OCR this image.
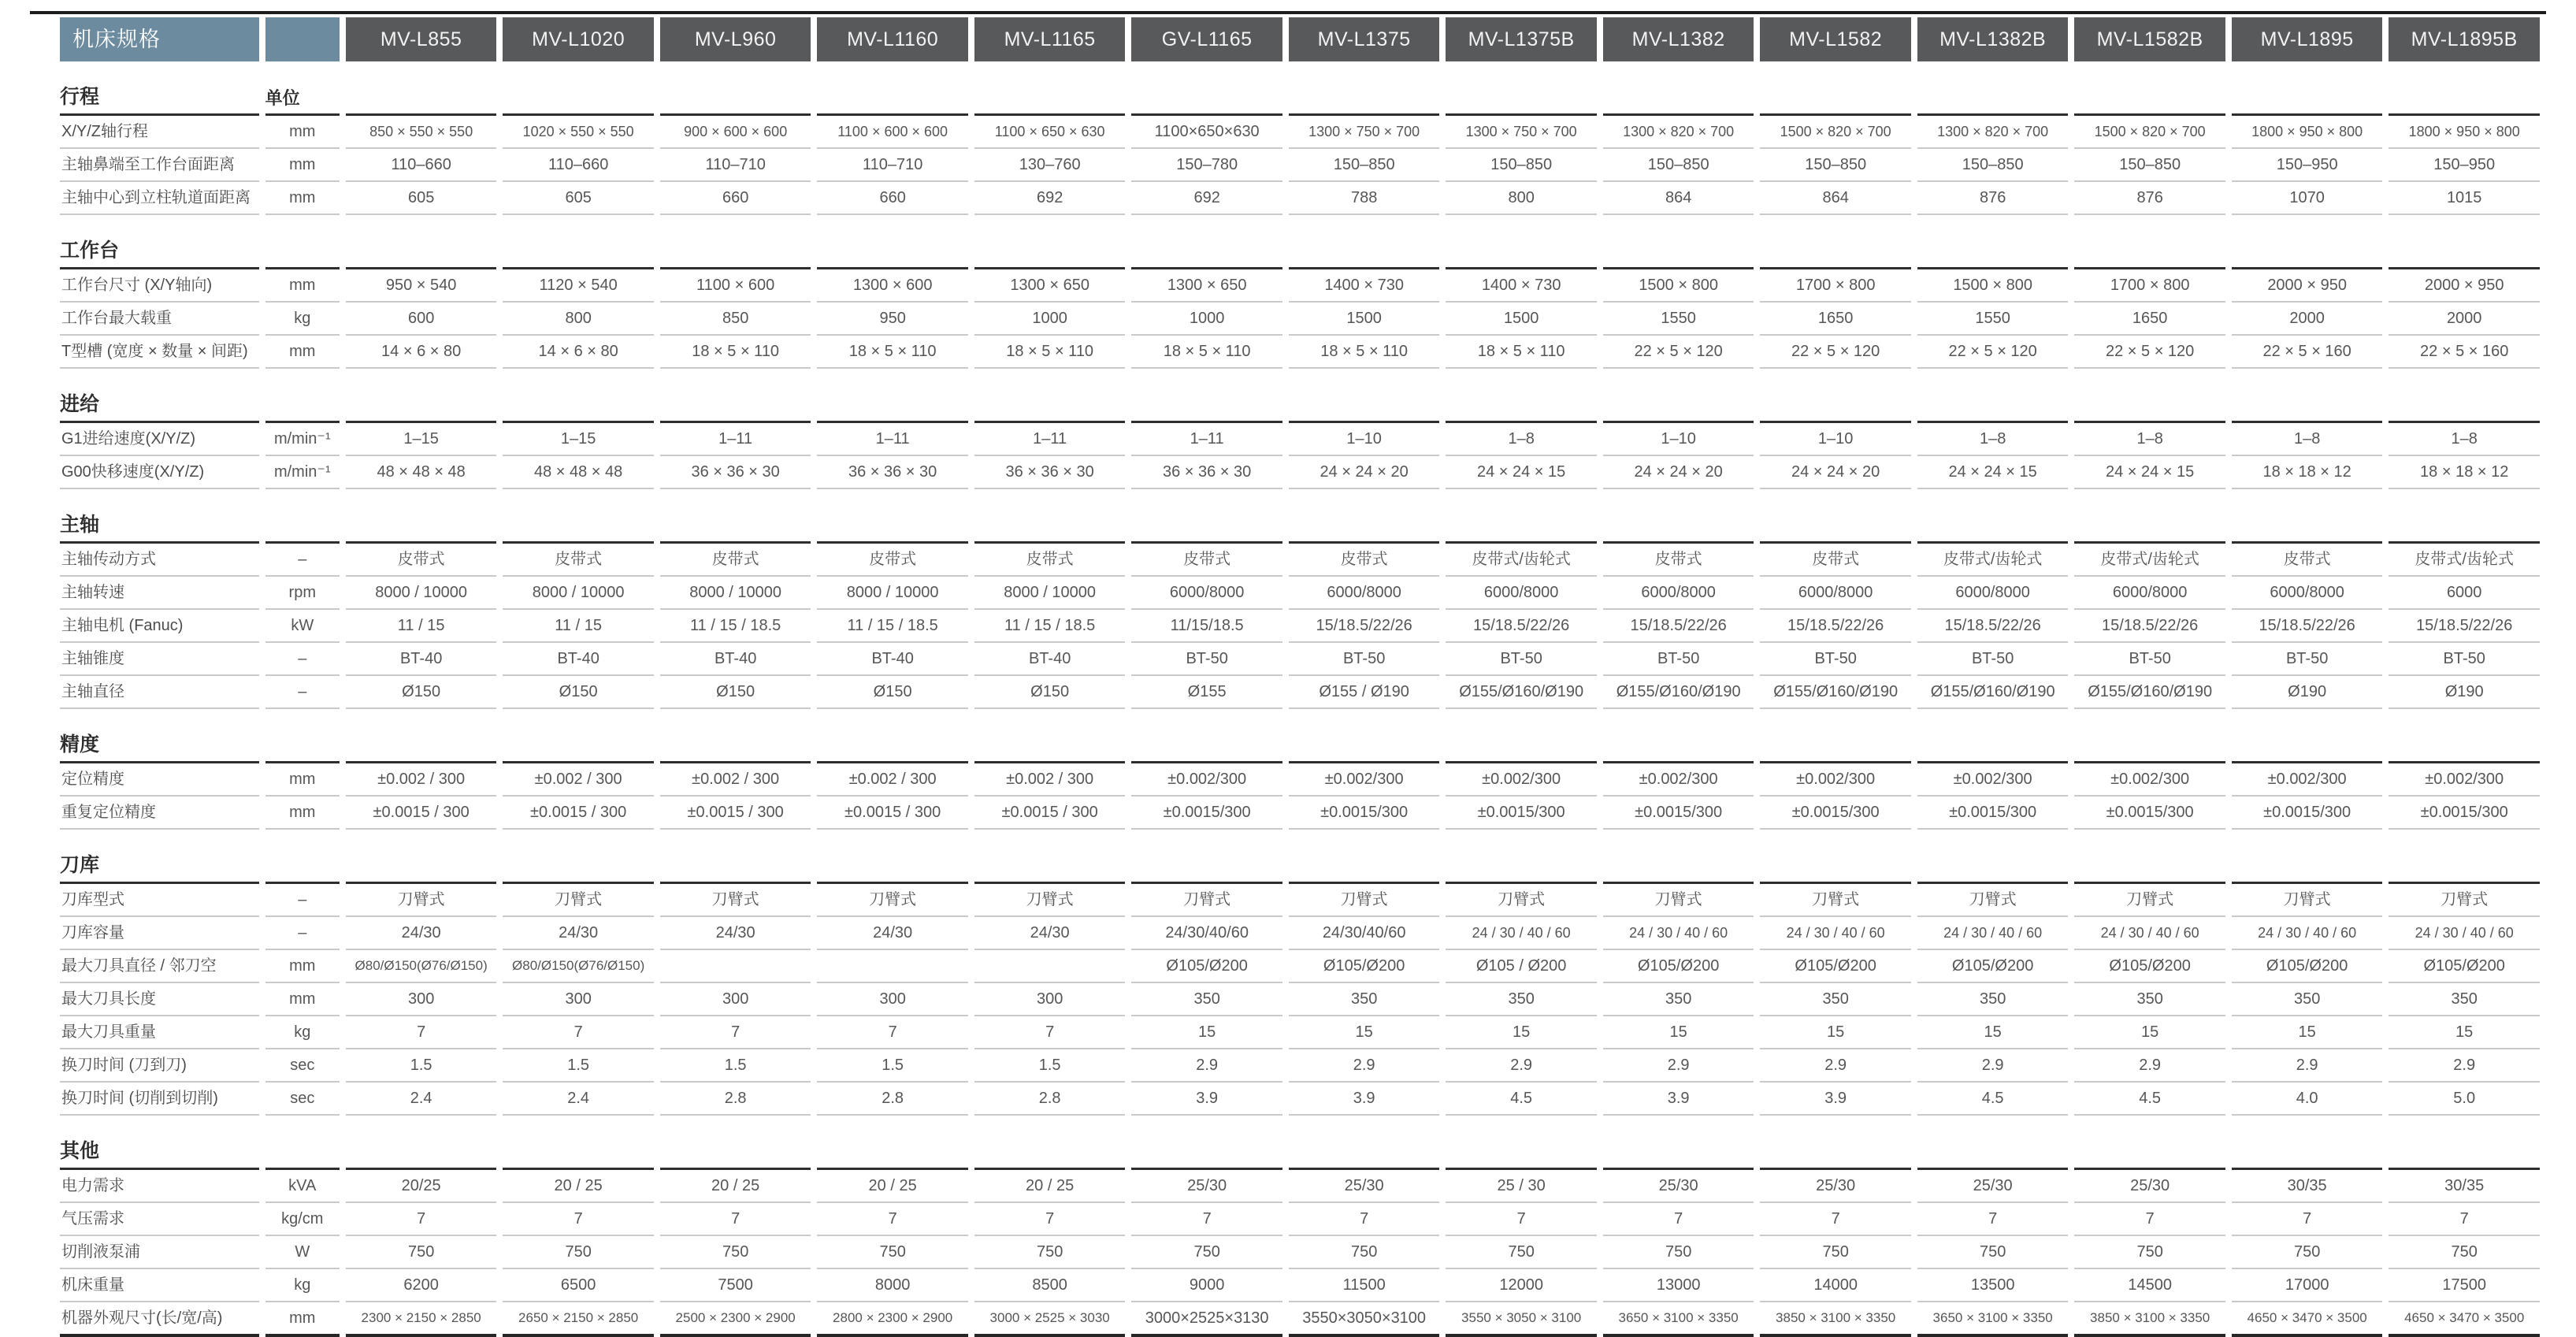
机床规格		MV-L855	MV-L1020	MV-L960	MV-L1160	MV-L1165	GV-L1165	MV-L1375	MV-L1375B	MV-L1382	MV-L1582	MV-L1382B	MV-L1582B	MV-L1895	MV-L1895B
行程	单位														
X/Y/Z轴行程	mm	850 × 550 × 550	1020 × 550 × 550	900 × 600 × 600	1100 × 600 × 600	1100 × 650 × 630	1100×650×630	1300 × 750 × 700	1300 × 750 × 700	1300 × 820 × 700	1500 × 820 × 700	1300 × 820 × 700	1500 × 820 × 700	1800 × 950 × 800	1800 × 950 × 800
主轴鼻端至工作台面距离	mm	110–660	110–660	110–710	110–710	130–760	150–780	150–850	150–850	150–850	150–850	150–850	150–850	150–950	150–950
主轴中心到立柱轨道面距离	mm	605	605	660	660	692	692	788	800	864	864	876	876	1070	1015
工作台															
工作台尺寸 (X/Y轴向)	mm	950 × 540	1120 × 540	1100 × 600	1300 × 600	1300 × 650	1300 × 650	1400 × 730	1400 × 730	1500 × 800	1700 × 800	1500 × 800	1700 × 800	2000 × 950	2000 × 950
工作台最大载重	kg	600	800	850	950	1000	1000	1500	1500	1550	1650	1550	1650	2000	2000
T型槽 (宽度 × 数量 × 间距)	mm	14 × 6 × 80	14 × 6 × 80	18 × 5 × 110	18 × 5 × 110	18 × 5 × 110	18 × 5 × 110	18 × 5 × 110	18 × 5 × 110	22 × 5 × 120	22 × 5 × 120	22 × 5 × 120	22 × 5 × 120	22 × 5 × 160	22 × 5 × 160
进给															
G1进给速度(X/Y/Z)	m/min⁻¹	1–15	1–15	1–11	1–11	1–11	1–11	1–10	1–8	1–10	1–10	1–8	1–8	1–8	1–8
G00快移速度(X/Y/Z)	m/min⁻¹	48 × 48 × 48	48 × 48 × 48	36 × 36 × 30	36 × 36 × 30	36 × 36 × 30	36 × 36 × 30	24 × 24 × 20	24 × 24 × 15	24 × 24 × 20	24 × 24 × 20	24 × 24 × 15	24 × 24 × 15	18 × 18 × 12	18 × 18 × 12
主轴															
主轴传动方式	–	皮带式	皮带式	皮带式	皮带式	皮带式	皮带式	皮带式	皮带式/齿轮式	皮带式	皮带式	皮带式/齿轮式	皮带式/齿轮式	皮带式	皮带式/齿轮式
主轴转速	rpm	8000 / 10000	8000 / 10000	8000 / 10000	8000 / 10000	8000 / 10000	6000/8000	6000/8000	6000/8000	6000/8000	6000/8000	6000/8000	6000/8000	6000/8000	6000
主轴电机 (Fanuc)	kW	11 / 15	11 / 15	11 / 15 / 18.5	11 / 15 / 18.5	11 / 15 / 18.5	11/15/18.5	15/18.5/22/26	15/18.5/22/26	15/18.5/22/26	15/18.5/22/26	15/18.5/22/26	15/18.5/22/26	15/18.5/22/26	15/18.5/22/26
主轴锥度	–	BT-40	BT-40	BT-40	BT-40	BT-40	BT-50	BT-50	BT-50	BT-50	BT-50	BT-50	BT-50	BT-50	BT-50
主轴直径	–	Ø150	Ø150	Ø150	Ø150	Ø150	Ø155	Ø155 / Ø190	Ø155/Ø160/Ø190	Ø155/Ø160/Ø190	Ø155/Ø160/Ø190	Ø155/Ø160/Ø190	Ø155/Ø160/Ø190	Ø190	Ø190
精度															
定位精度	mm	±0.002 / 300	±0.002 / 300	±0.002 / 300	±0.002 / 300	±0.002 / 300	±0.002/300	±0.002/300	±0.002/300	±0.002/300	±0.002/300	±0.002/300	±0.002/300	±0.002/300	±0.002/300
重复定位精度	mm	±0.0015 / 300	±0.0015 / 300	±0.0015 / 300	±0.0015 / 300	±0.0015 / 300	±0.0015/300	±0.0015/300	±0.0015/300	±0.0015/300	±0.0015/300	±0.0015/300	±0.0015/300	±0.0015/300	±0.0015/300
刀库															
刀库型式	–	刀臂式	刀臂式	刀臂式	刀臂式	刀臂式	刀臂式	刀臂式	刀臂式	刀臂式	刀臂式	刀臂式	刀臂式	刀臂式	刀臂式
刀库容量	–	24/30	24/30	24/30	24/30	24/30	24/30/40/60	24/30/40/60	24 / 30 / 40 / 60	24 / 30 / 40 / 60	24 / 30 / 40 / 60	24 / 30 / 40 / 60	24 / 30 / 40 / 60	24 / 30 / 40 / 60	24 / 30 / 40 / 60
最大刀具直径 / 邻刀空	mm	Ø80/Ø150(Ø76/Ø150)	Ø80/Ø150(Ø76/Ø150)				Ø105/Ø200	Ø105/Ø200	Ø105 / Ø200	Ø105/Ø200	Ø105/Ø200	Ø105/Ø200	Ø105/Ø200	Ø105/Ø200	Ø105/Ø200
最大刀具长度	mm	300	300	300	300	300	350	350	350	350	350	350	350	350	350
最大刀具重量	kg	7	7	7	7	7	15	15	15	15	15	15	15	15	15
换刀时间 (刀到刀)	sec	1.5	1.5	1.5	1.5	1.5	2.9	2.9	2.9	2.9	2.9	2.9	2.9	2.9	2.9
换刀时间 (切削到切削)	sec	2.4	2.4	2.8	2.8	2.8	3.9	3.9	4.5	3.9	3.9	4.5	4.5	4.0	5.0
其他															
电力需求	kVA	20/25	20 / 25	20 / 25	20 / 25	20 / 25	25/30	25/30	25 / 30	25/30	25/30	25/30	25/30	30/35	30/35
气压需求	kg/cm	7	7	7	7	7	7	7	7	7	7	7	7	7	7
切削液泵浦	W	750	750	750	750	750	750	750	750	750	750	750	750	750	750
机床重量	kg	6200	6500	7500	8000	8500	9000	11500	12000	13000	14000	13500	14500	17000	17500
机器外观尺寸(长/宽/高)	mm	2300 × 2150 × 2850	2650 × 2150 × 2850	2500 × 2300 × 2900	2800 × 2300 × 2900	3000 × 2525 × 3030	3000×2525×3130	3550×3050×3100	3550 × 3050 × 3100	3650 × 3100 × 3350	3850 × 3100 × 3350	3650 × 3100 × 3350	3850 × 3100 × 3350	4650 × 3470 × 3500	4650 × 3470 × 3500
